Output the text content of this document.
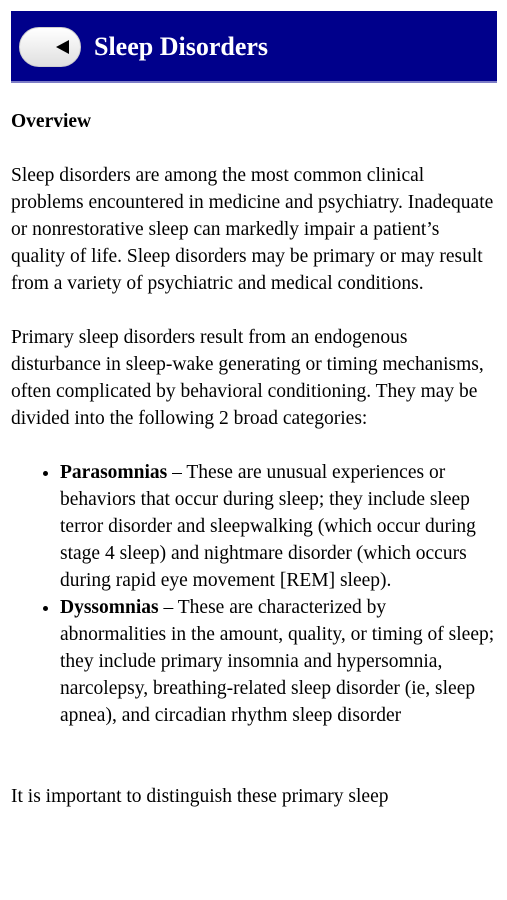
Sleep Disorders
Overview

Sleep disorders are among the most common clinical problems encountered in medicine and psychiatry. Inadequate or nonrestorative sleep can markedly impair a patient’s quality of life. Sleep disorders may be primary or may result from a variety of psychiatric and medical conditions.

Primary sleep disorders result from an endogenous disturbance in sleep-wake generating or timing mechanisms, often complicated by behavioral conditioning. They may be divided into the following 2 broad categories:

• Parasomnias – These are unusual experiences or behaviors that occur during sleep; they include sleep terror disorder and sleepwalking (which occur during stage 4 sleep) and nightmare disorder (which occurs during rapid eye movement [REM] sleep).
• Dyssomnias – These are characterized by abnormalities in the amount, quality, or timing of sleep; they include primary insomnia and hypersomnia, narcolepsy, breathing-related sleep disorder (ie, sleep apnea), and circadian rhythm sleep disorder

It is important to distinguish these primary sleep
